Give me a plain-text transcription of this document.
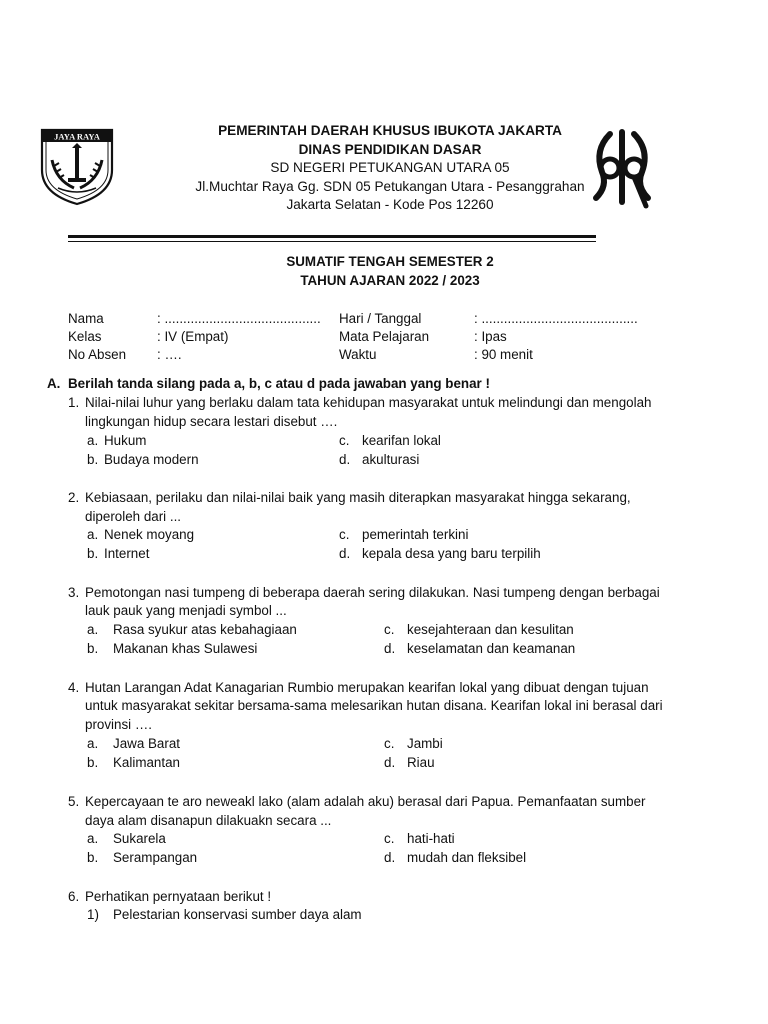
JAYA RAYA	PEMERINTAH DAERAH KHUSUS IBUKOTA JAKARTA
DINAS PENDIDIKAN DASAR
SD NEGERI PETUKANGAN UTARA 05
Jl.Muchtar Raya Gg. SDN 05 Petukangan Utara - Pesanggrahan
Jakarta Selatan - Kode Pos 12260
SUMATIF TENGAH SEMESTER 2
TAHUN AJARAN 2022 / 2023
Nama	: ..........................................
Kelas	: IV (Empat)
No Absen : ….
Hari / Tanggal	: ..........................................
Mata Pelajaran	: Ipas
Waktu	: 90 menit
A. Berilah tanda silang pada a, b, c atau d pada jawaban yang benar !
1. Nilai-nilai luhur yang berlaku dalam tata kehidupan masyarakat untuk melindungi dan mengolah
lingkungan hidup secara lestari disebut ….
a. Hukum
b. Budaya modern
c. kearifan lokal
d. akulturasi
2. Kebiasaan, perilaku dan nilai-nilai baik yang masih diterapkan masyarakat hingga sekarang,
diperoleh dari ...
a. Nenek moyang
b. Internet
c. pemerintah terkini
d. kepala desa yang baru terpilih
3. Pemotongan nasi tumpeng di beberapa daerah sering dilakukan. Nasi tumpeng dengan berbagai
lauk pauk yang menjadi symbol ...
a. Rasa syukur atas kebahagiaan
b. Makanan khas Sulawesi
c. kesejahteraan dan kesulitan
d. keselamatan dan keamanan
4. Hutan Larangan Adat Kanagarian Rumbio merupakan kearifan lokal yang dibuat dengan tujuan
untuk masyarakat sekitar bersama-sama melesarikan hutan disana. Kearifan lokal ini berasal dari
provinsi ….
a. Jawa Barat
b. Kalimantan
c. Jambi
d. Riau
5. Kepercayaan te aro neweakl lako (alam adalah aku) berasal dari Papua. Pemanfaatan sumber
daya alam disanapun dilakuakn secara ...
a. Sukarela
b. Serampangan
c. hati-hati
d. mudah dan fleksibel
6. Perhatikan pernyataan berikut !
1) Pelestarian konservasi sumber daya alam
